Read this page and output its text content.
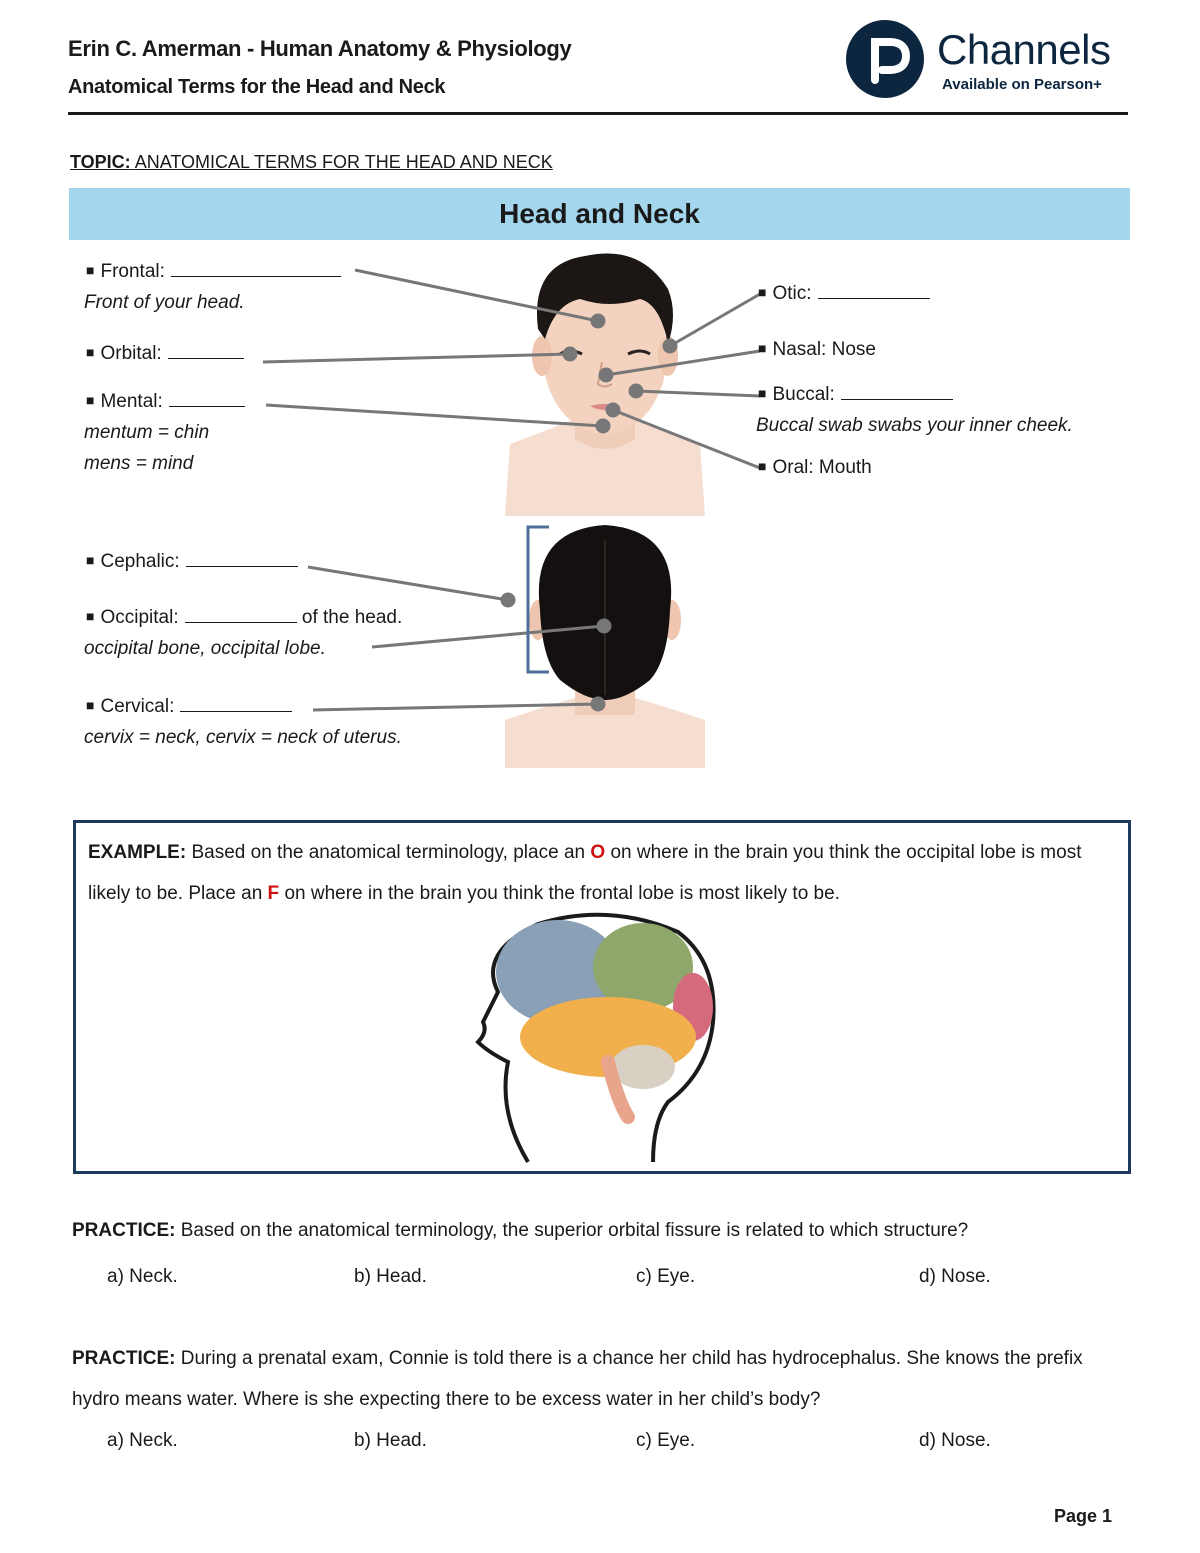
Erin C. Amerman - Human Anatomy & Physiology
Anatomical Terms for the Head and Neck
Channels
Available on Pearson+
TOPIC: ANATOMICAL TERMS FOR THE HEAD AND NECK
Head and Neck
■ Frontal:
Front of your head.
■ Orbital:
■ Mental:
mentum = chin
mens = mind
■ Otic:
■ Nasal: Nose
■ Buccal:
Buccal swab swabs your inner cheek.
■ Oral: Mouth
■ Cephalic:
■ Occipital:	of the head.
occipital bone, occipital lobe.
■ Cervical:
cervix = neck, cervix = neck of uterus.
EXAMPLE: Based on the anatomical terminology, place an O on where in the brain you think the occipital lobe is most likely to be. Place an F on where in the brain you think the frontal lobe is most likely to be.
PRACTICE: Based on the anatomical terminology, the superior orbital fissure is related to which structure?
a) Neck.	b) Head.	c) Eye.	d) Nose.
PRACTICE: During a prenatal exam, Connie is told there is a chance her child has hydrocephalus. She knows the prefix hydro means water. Where is she expecting there to be excess water in her child’s body?
a) Neck.	b) Head.	c) Eye.	d) Nose.
Page 1
